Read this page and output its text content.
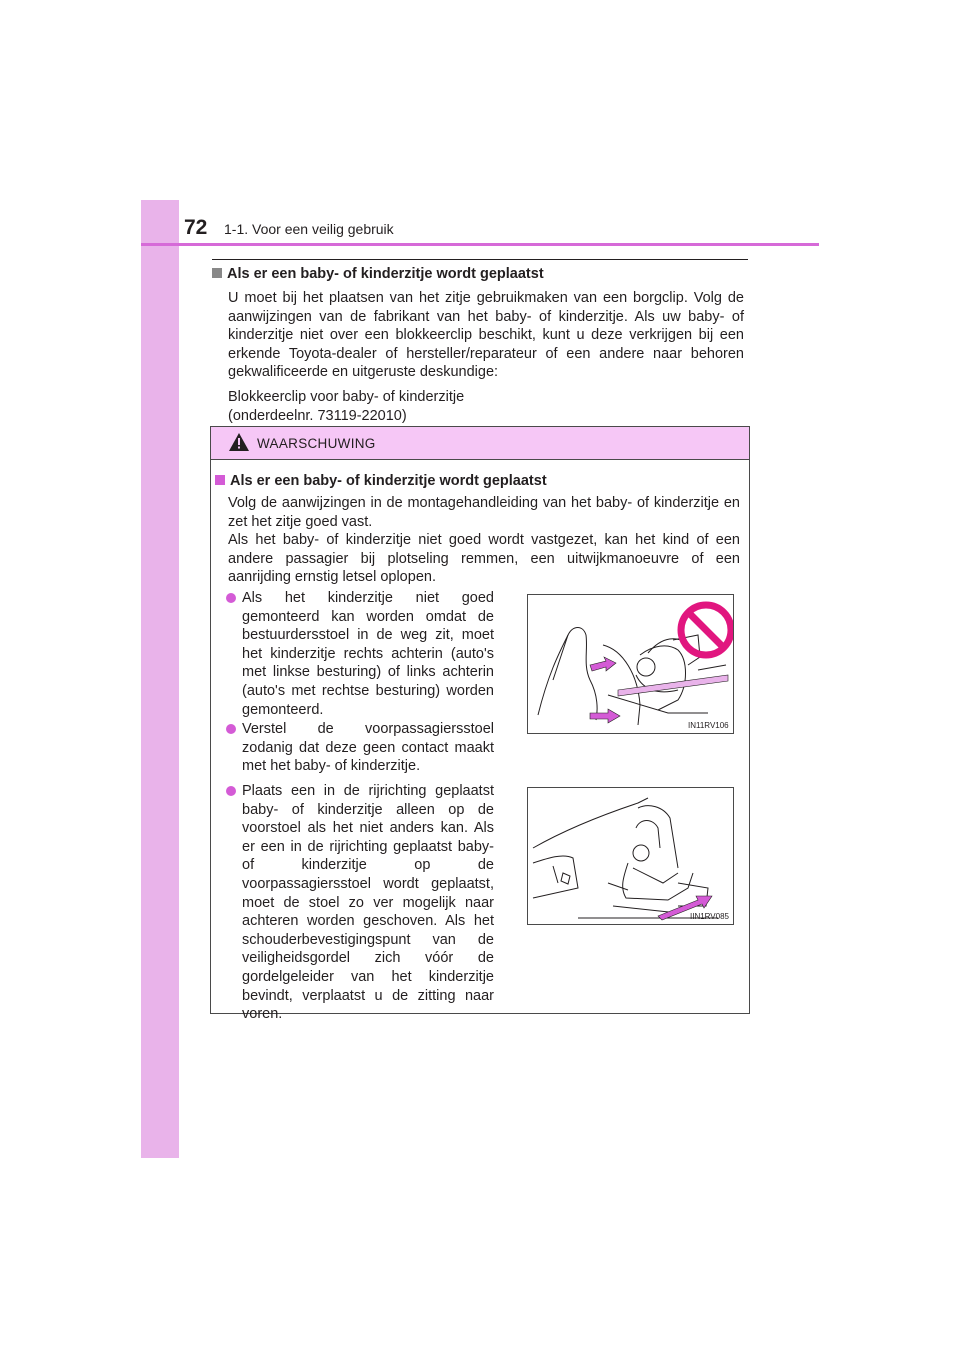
72 1-1. Voor een veilig gebruik
Als er een baby- of kinderzitje wordt geplaatst

U moet bij het plaatsen van het zitje gebruikmaken van een borgclip. Volg de aanwijzingen van de fabrikant van het baby- of kinderzitje. Als uw baby- of kinderzitje niet over een blokkeerclip beschikt, kunt u deze verkrijgen bij een erkende Toyota-dealer of hersteller/reparateur of een andere naar behoren gekwalificeerde en uitgeruste deskundige:

Blokkeerclip voor baby- of kinderzitje
(onderdeelnr. 73119-22010)
WAARSCHUWING
Als er een baby- of kinderzitje wordt geplaatst

Volg de aanwijzingen in de montagehandleiding van het baby- of kinderzitje en zet het zitje goed vast.

Als het baby- of kinderzitje niet goed wordt vastgezet, kan het kind of een andere passagier bij plotseling remmen, een uitwijkmanoeuvre of een aanrijding ernstig letsel oplopen.

Als het kinderzitje niet goed gemonteerd kan worden omdat de bestuurdersstoel in de weg zit, moet het kinderzitje rechts achterin (auto's met linkse besturing) of links achterin (auto's met rechtse besturing) worden gemonteerd.
Verstel de voorpassagiersstoel zodanig dat deze geen contact maakt met het baby- of kinderzitje.
Plaats een in de rijrichting geplaatst baby- of kinderzitje alleen op de voorstoel als het niet anders kan. Als er een in de rijrichting geplaatst baby- of kinderzitje op de voorpassagiersstoel wordt geplaatst, moet de stoel zo ver mogelijk naar achteren worden geschoven. Als het schouderbevestigingspunt van de veiligheidsgordel zich vóór de gordelgeleider van het kinderzitje bevindt, verplaatst u de zitting naar voren.
IN11RV106
IIN1RV085
